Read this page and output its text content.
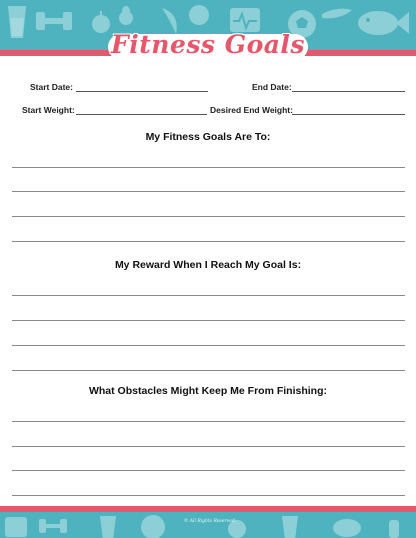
Fitness Goals
Start Date:	End Date:
Start Weight:	Desired End Weight:
My Fitness Goals Are To:
My Reward When I Reach My Goal Is:
What Obstacles Might Keep Me From Finishing:
© All Rights Reserved.
